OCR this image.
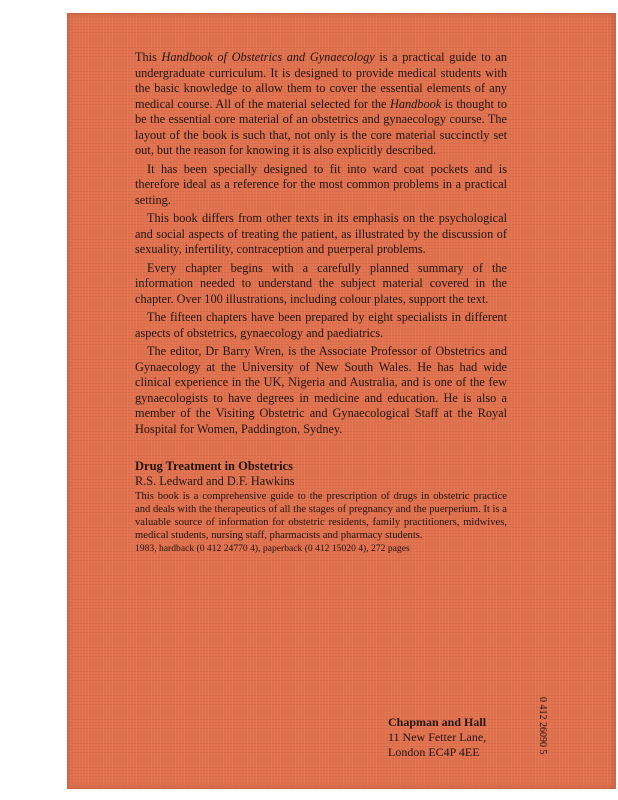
This Handbook of Obstetrics and Gynaecology is a practical guide to an undergraduate curriculum. It is designed to provide medical students with the basic knowledge to allow them to cover the essential elements of any medical course. All of the material selected for the Handbook is thought to be the essential core material of an obstetrics and gynaecology course. The layout of the book is such that, not only is the core material succinctly set out, but the reason for knowing it is also explicitly described.

It has been specially designed to fit into ward coat pockets and is therefore ideal as a reference for the most common problems in a practical setting.

This book differs from other texts in its emphasis on the psychological and social aspects of treating the patient, as illustrated by the discussion of sexuality, infertility, contraception and puerperal problems.

Every chapter begins with a carefully planned summary of the information needed to understand the subject material covered in the chapter. Over 100 illustrations, including colour plates, support the text.

The fifteen chapters have been prepared by eight specialists in different aspects of obstetrics, gynaecology and paediatrics.

The editor, Dr Barry Wren, is the Associate Professor of Obstetrics and Gynaecology at the University of New South Wales. He has had wide clinical experience in the UK, Nigeria and Australia, and is one of the few gynaecologists to have degrees in medicine and education. He is also a member of the Visiting Obstetric and Gynaecological Staff at the Royal Hospital for Women, Paddington, Sydney.

Drug Treatment in Obstetrics

R.S. Ledward and D.F. Hawkins

This book is a comprehensive guide to the prescription of drugs in obstetric practice and deals with the therapeutics of all the stages of pregnancy and the puerperium. It is a valuable source of information for obstetric residents, family practitioners, midwives, medical students, nursing staff, pharmacists and pharmacy students.

1983, hardback (0 412 24770 4), paperback (0 412 15020 4), 272 pages

Chapman and Hall
11 New Fetter Lane,
London EC4P 4EE	0 412 26090 5
